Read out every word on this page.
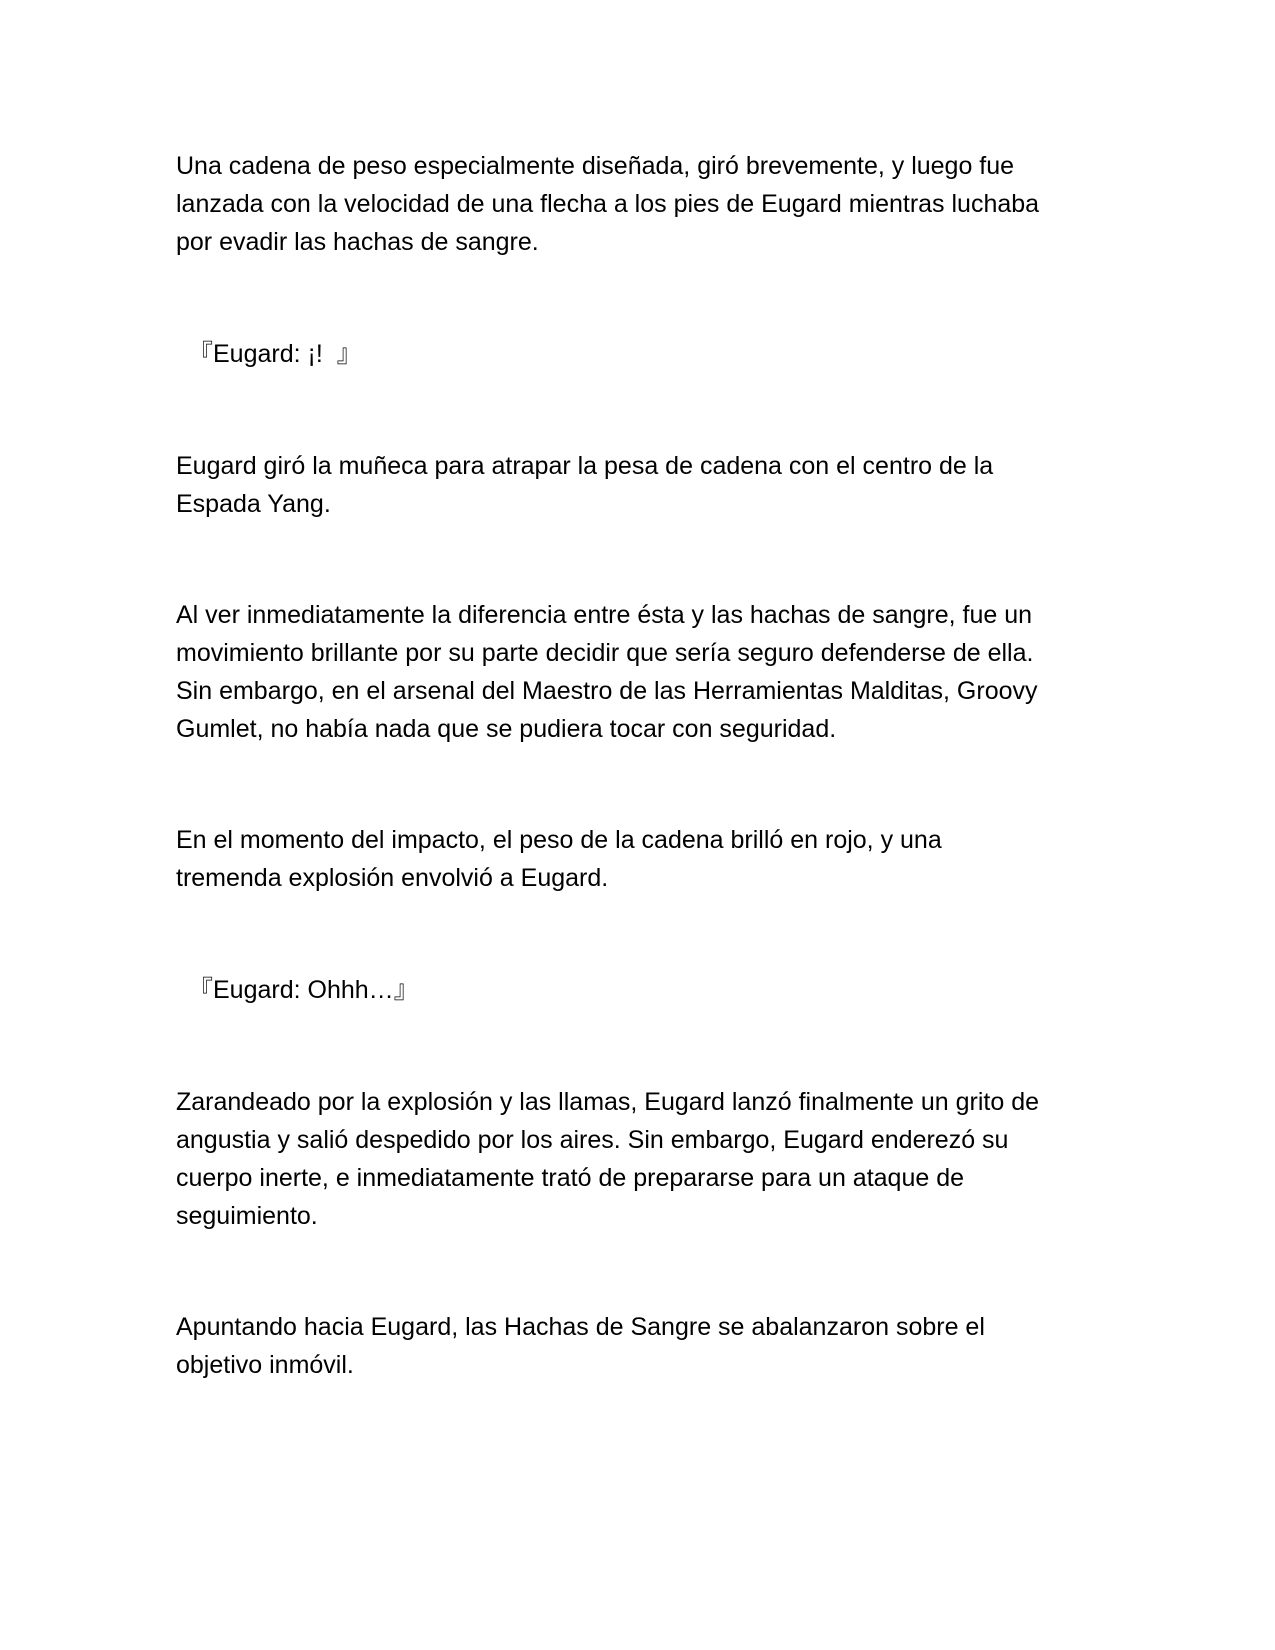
Una cadena de peso especialmente diseñada, giró brevemente, y luego fue
lanzada con la velocidad de una flecha a los pies de Eugard mientras luchaba
por evadir las hachas de sangre.

『Eugard: ¡!  』

Eugard giró la muñeca para atrapar la pesa de cadena con el centro de la
Espada Yang.

Al ver inmediatamente la diferencia entre ésta y las hachas de sangre, fue un
movimiento brillante por su parte decidir que sería seguro defenderse de ella.
Sin embargo, en el arsenal del Maestro de las Herramientas Malditas, Groovy
Gumlet, no había nada que se pudiera tocar con seguridad.

En el momento del impacto, el peso de la cadena brilló en rojo, y una
tremenda explosión envolvió a Eugard.

『Eugard: Ohhh…』

Zarandeado por la explosión y las llamas, Eugard lanzó finalmente un grito de
angustia y salió despedido por los aires. Sin embargo, Eugard enderezó su
cuerpo inerte, e inmediatamente trató de prepararse para un ataque de
seguimiento.

Apuntando hacia Eugard, las Hachas de Sangre se abalanzaron sobre el
objetivo inmóvil.
